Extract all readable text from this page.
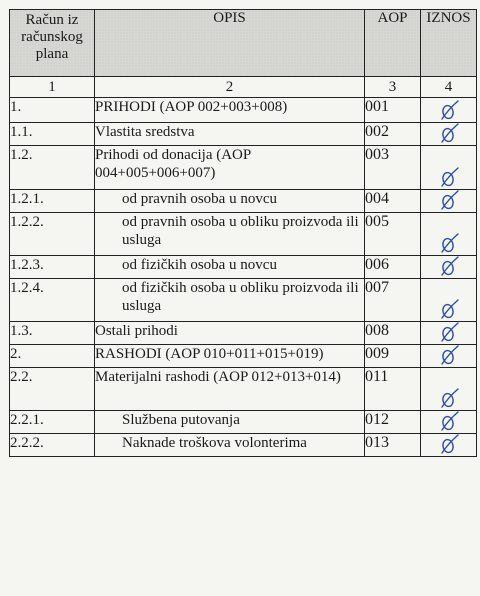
Račun iz
računskog
plana	OPIS	AOP	IZNOS
1	2	3	4
1.	PRIHODI (AOP 002+003+008)	001	

1.1.	Vlastita sredstva	002	

1.2.	Prihodi od donacija (AOP 004+005+006+007)	003	

1.2.1.	od pravnih osoba u novcu	004	

1.2.2.	od pravnih osoba u obliku proizvoda ili usluga	005	

1.2.3.	od fizičkih osoba u novcu	006	

1.2.4.	od fizičkih osoba u obliku proizvoda ili usluga	007	

1.3.	Ostali prihodi	008	

2.	RASHODI (AOP 010+011+015+019)	009	

2.2.	Materijalni rashodi (AOP 012+013+014)	011	

2.2.1.	Službena putovanja	012	

2.2.2.	Naknade troškova volonterima	013	
